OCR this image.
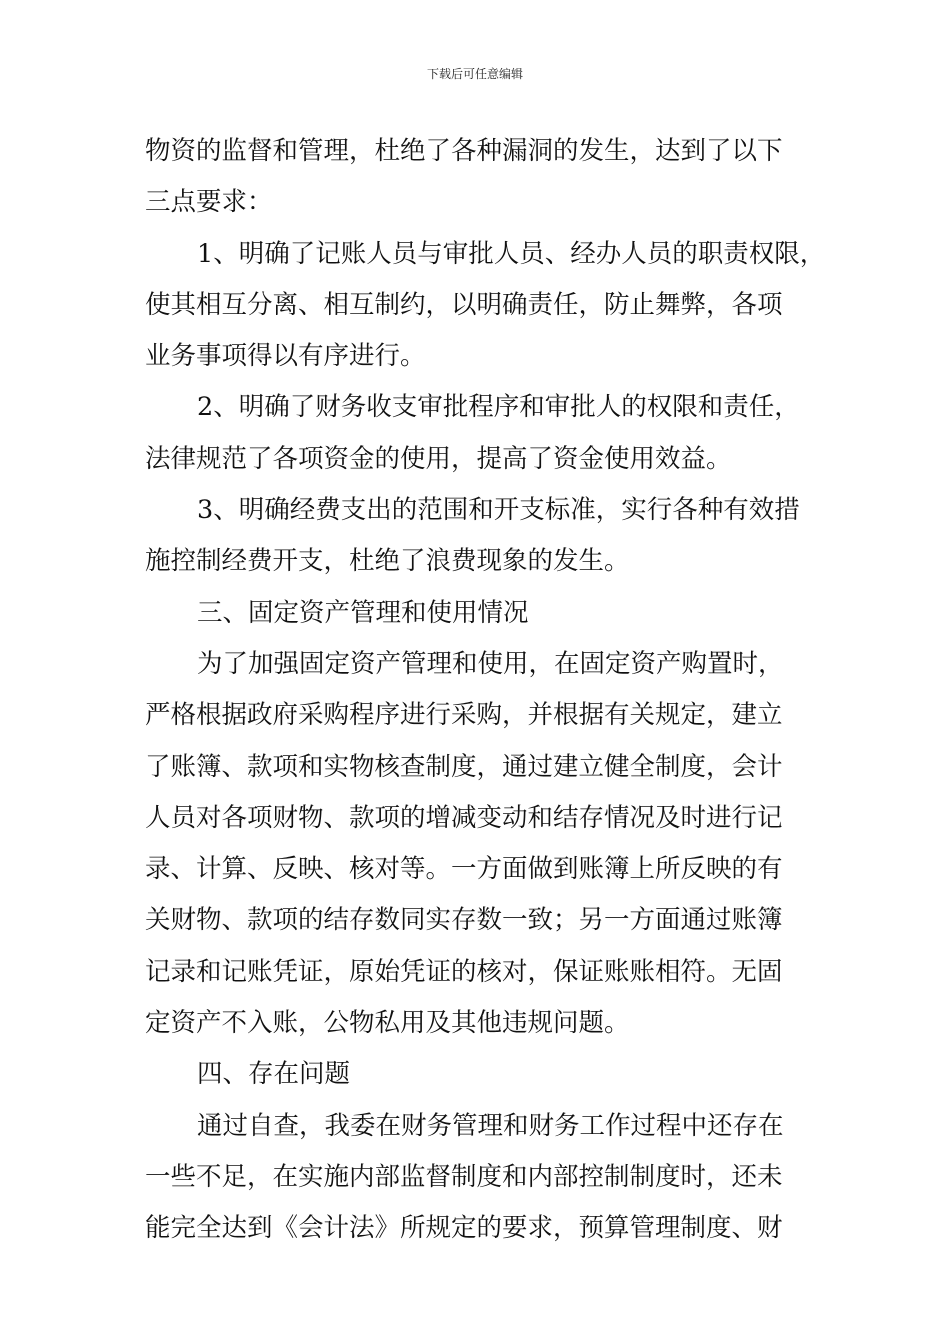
下载后可任意编辑
物资的监督和管理，杜绝了各种漏洞的发生，达到了以下
三点要求：
1、明确了记账人员与审批人员、经办人员的职责权限，
使其相互分离、相互制约，以明确责任，防止舞弊，各项
业务事项得以有序进行。
2、明确了财务收支审批程序和审批人的权限和责任，
法律规范了各项资金的使用，提高了资金使用效益。
3、明确经费支出的范围和开支标准，实行各种有效措
施控制经费开支，杜绝了浪费现象的发生。
三、固定资产管理和使用情况
为了加强固定资产管理和使用，在固定资产购置时，
严格根据政府采购程序进行采购，并根据有关规定，建立
了账簿、款项和实物核查制度，通过建立健全制度，会计
人员对各项财物、款项的增减变动和结存情况及时进行记
录、计算、反映、核对等。一方面做到账簿上所反映的有
关财物、款项的结存数同实存数一致；另一方面通过账簿
记录和记账凭证，原始凭证的核对，保证账账相符。无固
定资产不入账，公物私用及其他违规问题。
四、存在问题
通过自查，我委在财务管理和财务工作过程中还存在
一些不足，在实施内部监督制度和内部控制制度时，还未
能完全达到《会计法》所规定的要求，预算管理制度、财
